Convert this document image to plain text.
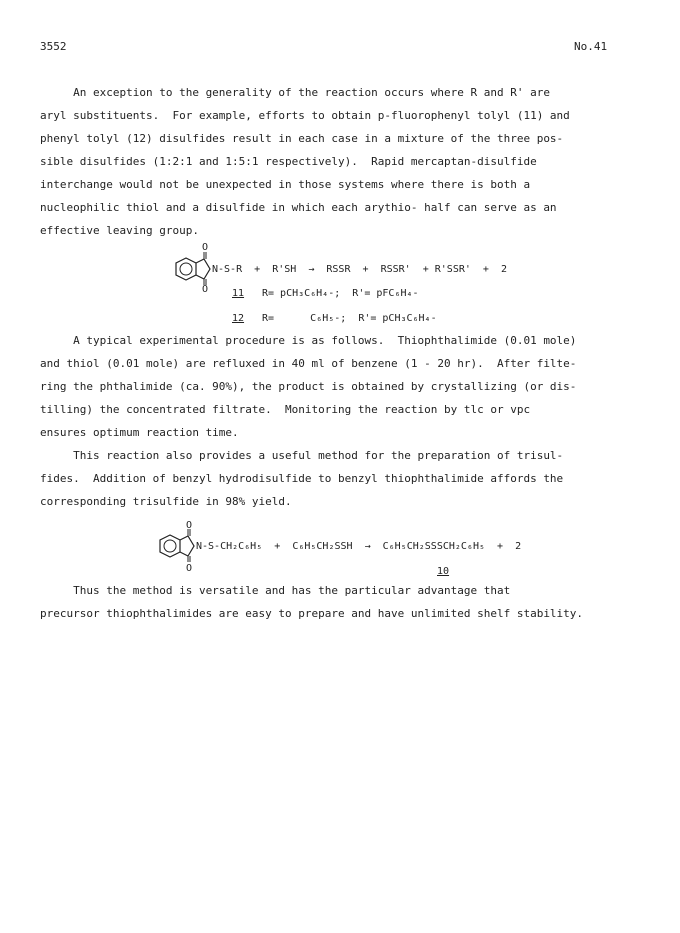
3552	No.41
An exception to the generality of the reaction occurs where R and R' are
aryl substituents.  For example, efforts to obtain p-fluorophenyl tolyl (11) and
phenyl tolyl (12) disulfides result in each case in a mixture of the three pos-
sible disulfides (1:2:1 and 1:5:1 respectively).  Rapid mercaptan-disulfide
interchange would not be unexpected in those systems where there is both a
nucleophilic thiol and a disulfide in which each arythio- half can serve as an
effective leaving group.
O
O
N-S-R  +  R'SH  →  RSSR  +  RSSR'  + R'SSR'  +  2
11 R= pCH₃C₆H₄-;  R'= pFC₆H₄-
12 R=      C₆H₅-;  R'= pCH₃C₆H₄-
A typical experimental procedure is as follows.  Thiophthalimide (0.01 mole)
and thiol (0.01 mole) are refluxed in 40 ml of benzene (1 - 20 hr).  After filte-
ring the phthalimide (ca. 90%), the product is obtained by crystallizing (or dis-
tilling) the concentrated filtrate.  Monitoring the reaction by tlc or vpc
ensures optimum reaction time.
This reaction also provides a useful method for the preparation of trisul-
fides.  Addition of benzyl hydrodisulfide to benzyl thiophthalimide affords the
corresponding trisulfide in 98% yield.
O
O
N-S-CH₂C₆H₅  +  C₆H₅CH₂SSH  →  C₆H₅CH₂SSSCH₂C₆H₅  +  2
10
Thus the method is versatile and has the particular advantage that
precursor thiophthalimides are easy to prepare and have unlimited shelf stability.
